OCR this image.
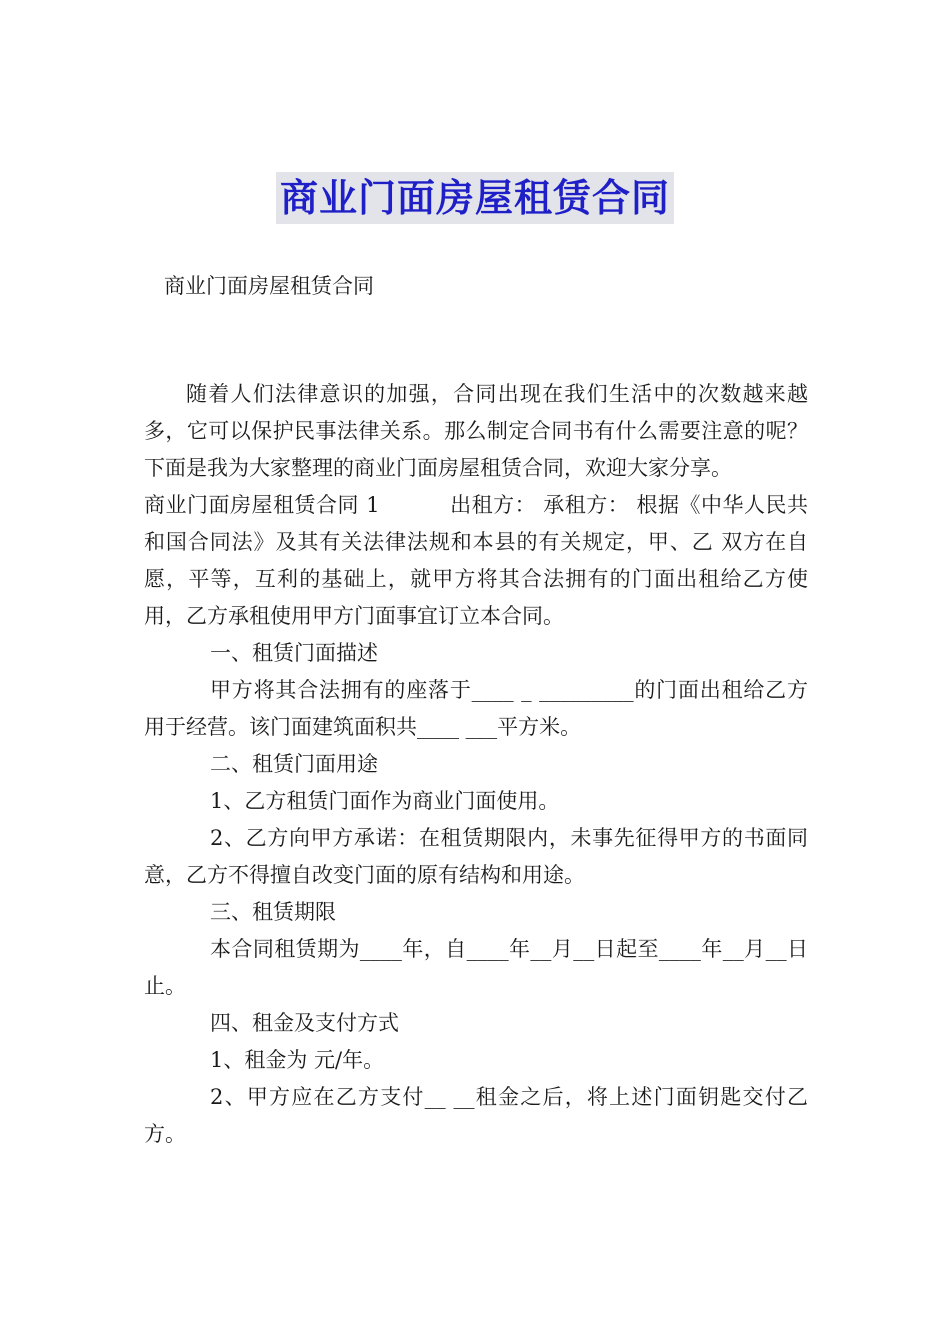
商业门面房屋租赁合同
商业门面房屋租赁合同

随着人们法律意识的加强，合同出现在我们生活中的次数越来越多，它可以保护民事法律关系。那么制定合同书有什么需要注意的呢？下面是我为大家整理的商业门面房屋租赁合同，欢迎大家分享。

商业门面房屋租赁合同 1	出租方： 承租方： 根据《中华人民共和国合同法》及其有关法律法规和本县的有关规定，甲、乙 双方在自愿，平等，互利的基础上，就甲方将其合法拥有的门面出租给乙方使用，乙方承租使用甲方门面事宜订立本合同。

一、租赁门面描述

甲方将其合法拥有的座落于____ _ _________的门面出租给乙方用于经营。该门面建筑面积共____ ___平方米。

二、租赁门面用途

1、乙方租赁门面作为商业门面使用。

2、乙方向甲方承诺：在租赁期限内，未事先征得甲方的书面同意，乙方不得擅自改变门面的原有结构和用途。

三、租赁期限

本合同租赁期为____年，自____年__月__日起至____年__月__日止。

四、租金及支付方式

1、租金为 元/年。

2、甲方应在乙方支付__ __租金之后，将上述门面钥匙交付乙方。
